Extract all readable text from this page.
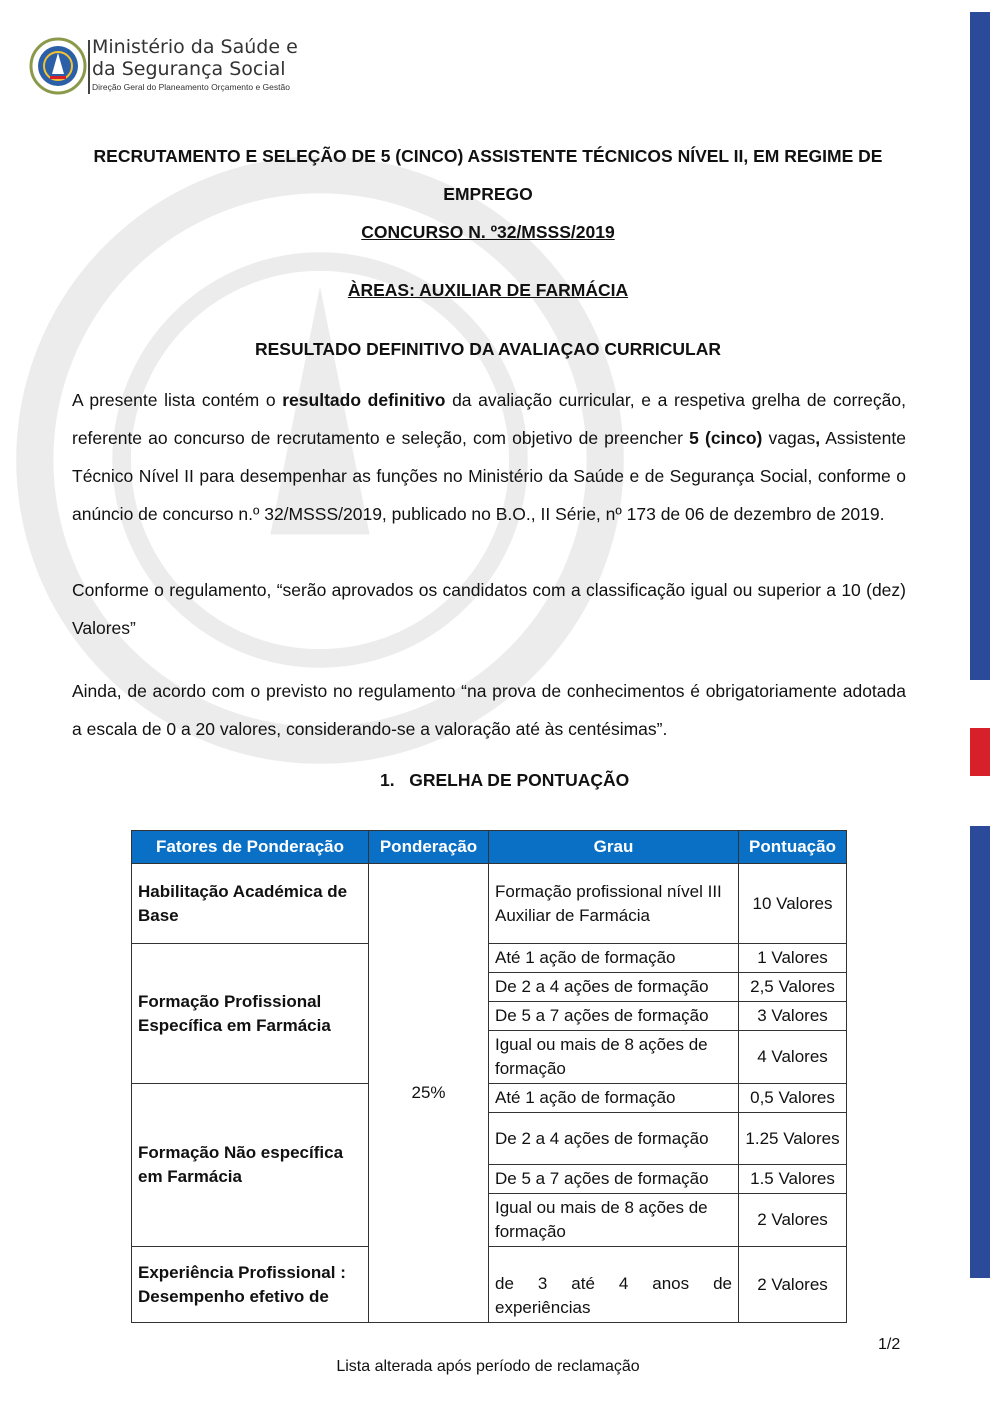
Ministério da Saúde e
da Segurança Social
Direção Geral do Planeamento Orçamento e Gestão
RECRUTAMENTO E SELEÇÃO DE 5 (CINCO) ASSISTENTE TÉCNICOS NÍVEL II, EM REGIME DE
EMPREGO
CONCURSO N. º32/MSSS/2019
ÀREAS: AUXILIAR DE FARMÁCIA
RESULTADO DEFINITIVO DA AVALIAÇAO CURRICULAR
A presente lista contém o resultado definitivo da avaliação curricular, e a respetiva grelha de correção, referente ao concurso de recrutamento e seleção, com objetivo de preencher 5 (cinco) vagas, Assistente Técnico Nível II para desempenhar as funções no Ministério da Saúde e de Segurança Social, conforme o anúncio de concurso n.º 32/MSSS/2019, publicado no B.O., II Série, nº 173 de 06 de dezembro de 2019.
Conforme o regulamento, “serão aprovados os candidatos com a classificação igual ou superior a 10 (dez) Valores”
Ainda, de acordo com o previsto no regulamento “na prova de conhecimentos é obrigatoriamente adotada a escala de 0 a 20 valores, considerando-se a valoração até às centésimas”.
1. GRELHA DE PONTUAÇÃO
Fatores de Ponderação	Ponderação	Grau	Pontuação
Habilitação Académica de Base	25%	Formação profissional nível III Auxiliar de Farmácia	10 Valores
Formação Profissional Específica em Farmácia		Até 1 ação de formação	1 Valores
		De 2 a 4 ações de formação	2,5 Valores
		De 5 a 7 ações de formação	3 Valores
		Igual ou mais de 8 ações de formação	4 Valores
Formação Não específica em Farmácia		Até 1 ação de formação	0,5 Valores
		De 2 a 4 ações de formação	1.25 Valores
		De 5 a 7 ações de formação	1.5 Valores
		Igual ou mais de 8 ações de formação	2 Valores
Experiência Profissional : Desempenho efetivo de		de 3 até 4 anos de experiências	2 Valores
1/2
Lista alterada após período de reclamação
